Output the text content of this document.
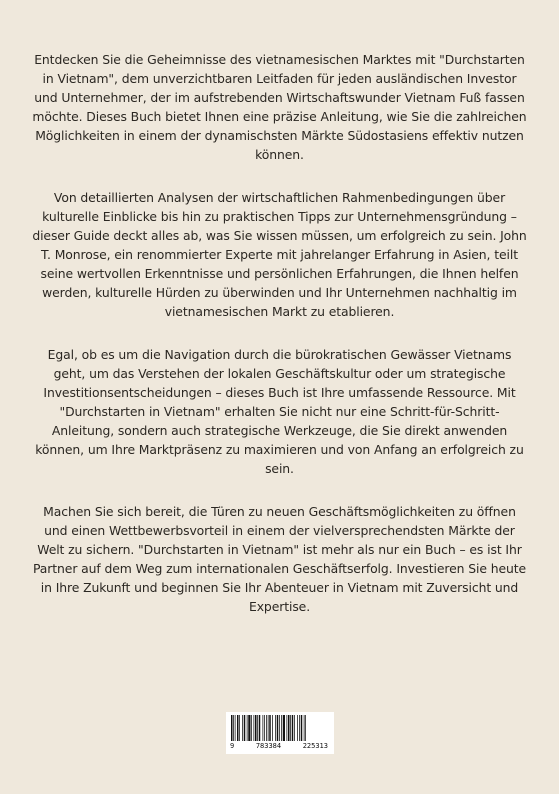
Entdecken Sie die Geheimnisse des vietnamesischen Marktes mit "Durchstarten in Vietnam", dem unverzichtbaren Leitfaden für jeden ausländischen Investor und Unternehmer, der im aufstrebenden Wirtschaftswunder Vietnam Fuß fassen möchte. Dieses Buch bietet Ihnen eine präzise Anleitung, wie Sie die zahlreichen Möglichkeiten in einem der dynamischsten Märkte Südostasiens effektiv nutzen können.

Von detaillierten Analysen der wirtschaftlichen Rahmenbedingungen über kulturelle Einblicke bis hin zu praktischen Tipps zur Unternehmensgründung – dieser Guide deckt alles ab, was Sie wissen müssen, um erfolgreich zu sein. John T. Monrose, ein renommierter Experte mit jahrelanger Erfahrung in Asien, teilt seine wertvollen Erkenntnisse und persönlichen Erfahrungen, die Ihnen helfen werden, kulturelle Hürden zu überwinden und Ihr Unternehmen nachhaltig im vietnamesischen Markt zu etablieren.

Egal, ob es um die Navigation durch die bürokratischen Gewässer Vietnams geht, um das Verstehen der lokalen Geschäftskultur oder um strategische Investitionsentscheidungen – dieses Buch ist Ihre umfassende Ressource. Mit "Durchstarten in Vietnam" erhalten Sie nicht nur eine Schritt-für-Schritt-Anleitung, sondern auch strategische Werkzeuge, die Sie direkt anwenden können, um Ihre Marktpräsenz zu maximieren und von Anfang an erfolgreich zu sein.

Machen Sie sich bereit, die Türen zu neuen Geschäftsmöglichkeiten zu öffnen und einen Wettbewerbsvorteil in einem der vielversprechendsten Märkte der Welt zu sichern. "Durchstarten in Vietnam" ist mehr als nur ein Buch – es ist Ihr Partner auf dem Weg zum internationalen Geschäftserfolg. Investieren Sie heute in Ihre Zukunft und beginnen Sie Ihr Abenteuer in Vietnam mit Zuversicht und Expertise.

9	783384	225313
